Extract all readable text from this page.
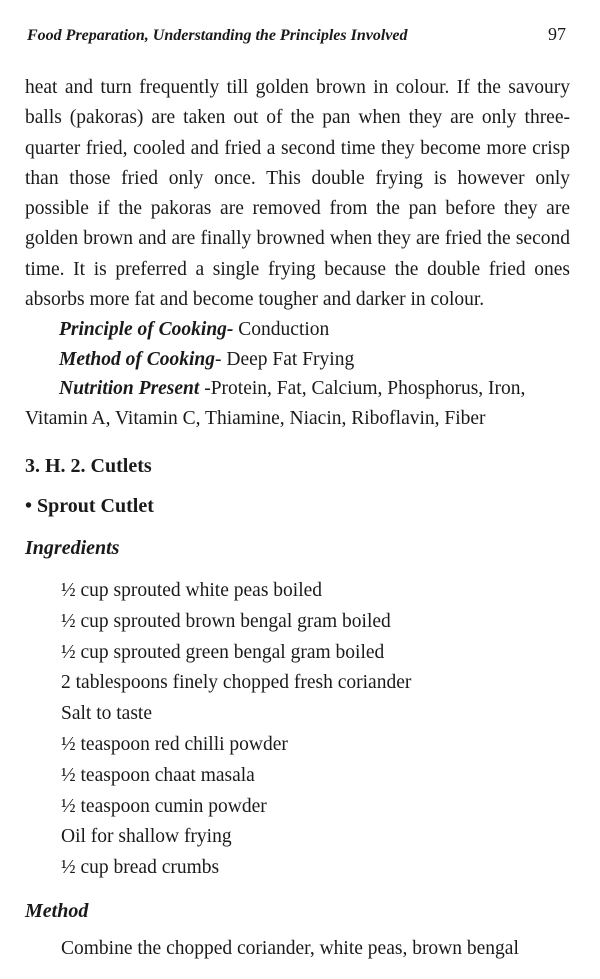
Food Preparation, Understanding the Principles Involved	97

heat and turn frequently till golden brown in colour. If the savoury balls (pakoras) are taken out of the pan when they are only three-quarter fried, cooled and fried a second time they become more crisp than those fried only once. This double frying is however only possible if the pakoras are removed from the pan before they are golden brown and are finally browned when they are fried the second time. It is preferred a single frying because the double fried ones absorbs more fat and become tougher and darker in colour.

Principle of Cooking- Conduction

Method of Cooking- Deep Fat Frying

Nutrition Present -Protein, Fat, Calcium, Phosphorus, Iron, Vitamin A, Vitamin C, Thiamine, Niacin, Riboflavin, Fiber

3. H. 2. Cutlets
• Sprout Cutlet
Ingredients
½ cup sprouted white peas boiled
½ cup sprouted brown bengal gram boiled
½ cup sprouted green bengal gram boiled
2 tablespoons finely chopped fresh coriander
Salt to taste
½ teaspoon red chilli powder
½ teaspoon chaat masala
½ teaspoon cumin powder
Oil for shallow frying
½ cup bread crumbs
Method
Combine the chopped coriander, white peas, brown bengal
